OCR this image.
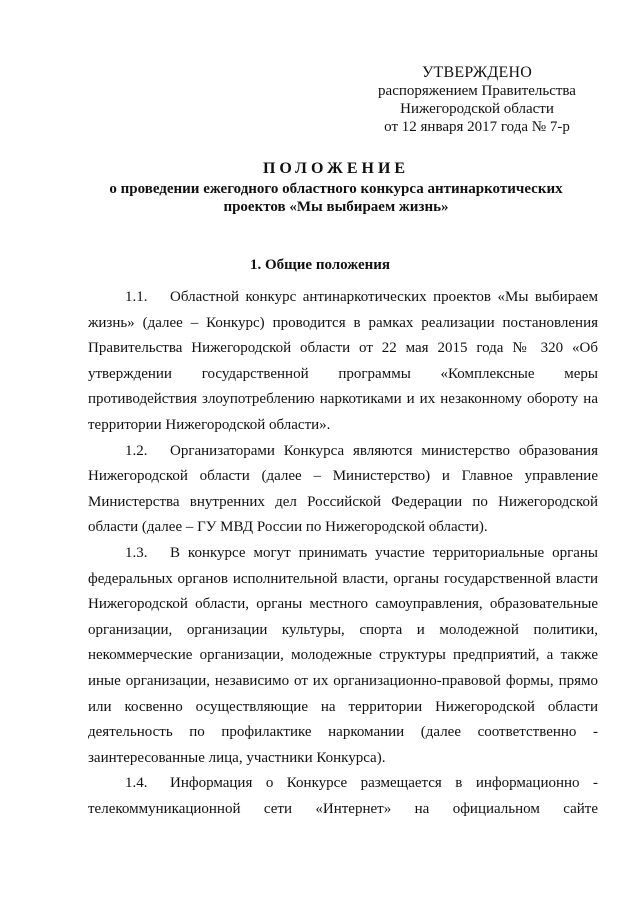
УТВЕРЖДЕНО
распоряжением Правительства
Нижегородской области
от 12 января 2017 года № 7-р
ПОЛОЖЕНИЕ
о проведении ежегодного областного конкурса антинаркотических
проектов «Мы выбираем жизнь»
1. Общие положения

1.1. Областной конкурс антинаркотических проектов «Мы выбираем жизнь» (далее – Конкурс) проводится в рамках реализации постановления Правительства Нижегородской области от 22 мая 2015 года № 320 «Об утверждении государственной программы «Комплексные меры противодействия злоупотреблению наркотиками и их незаконному обороту на территории Нижегородской области».

1.2. Организаторами Конкурса являются министерство образования Нижегородской области (далее – Министерство) и Главное управление Министерства внутренних дел Российской Федерации по Нижегородской области (далее – ГУ МВД России по Нижегородской области).

1.3. В конкурсе могут принимать участие территориальные органы федеральных органов исполнительной власти, органы государственной власти Нижегородской области, органы местного самоуправления, образовательные организации, организации культуры, спорта и молодежной политики, некоммерческие организации, молодежные структуры предприятий, а также иные организации, независимо от их организационно-правовой формы, прямо или косвенно осуществляющие на территории Нижегородской области деятельность по профилактике наркомании (далее соответственно - заинтересованные лица, участники Конкурса).

1.4. Информация о Конкурсе размещается в информационно - телекоммуникационной сети «Интернет» на официальном сайте
